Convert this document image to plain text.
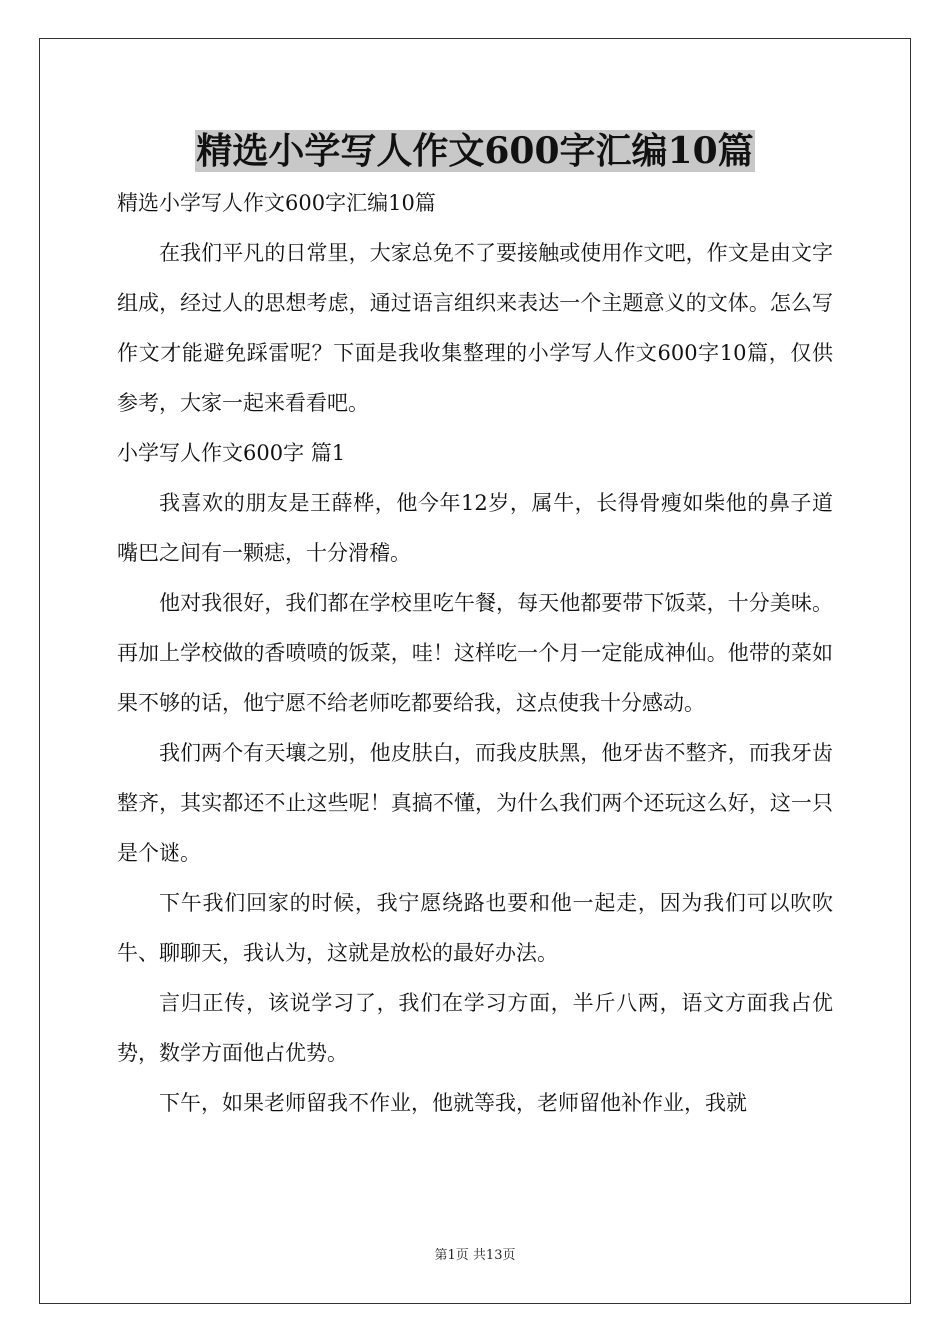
精选小学写人作文600字汇编10篇

精选小学写人作文600字汇编10篇

在我们平凡的日常里，大家总免不了要接触或使用作文吧，作文是由文字组成，经过人的思想考虑，通过语言组织来表达一个主题意义的文体。怎么写作文才能避免踩雷呢？下面是我收集整理的小学写人作文600字10篇，仅供参考，大家一起来看看吧。

小学写人作文600字 篇1

我喜欢的朋友是王薛桦，他今年12岁，属牛，长得骨瘦如柴他的鼻子道嘴巴之间有一颗痣，十分滑稽。

他对我很好，我们都在学校里吃午餐，每天他都要带下饭菜，十分美味。再加上学校做的香喷喷的饭菜，哇！这样吃一个月一定能成神仙。他带的菜如果不够的话，他宁愿不给老师吃都要给我，这点使我十分感动。

我们两个有天壤之别，他皮肤白，而我皮肤黑，他牙齿不整齐，而我牙齿整齐，其实都还不止这些呢！真搞不懂，为什么我们两个还玩这么好，这一只是个谜。

下午我们回家的时候，我宁愿绕路也要和他一起走，因为我们可以吹吹牛、聊聊天，我认为，这就是放松的最好办法。

言归正传，该说学习了，我们在学习方面，半斤八两，语文方面我占优势，数学方面他占优势。

下午，如果老师留我不作业，他就等我，老师留他补作业，我就

第1页 共13页
